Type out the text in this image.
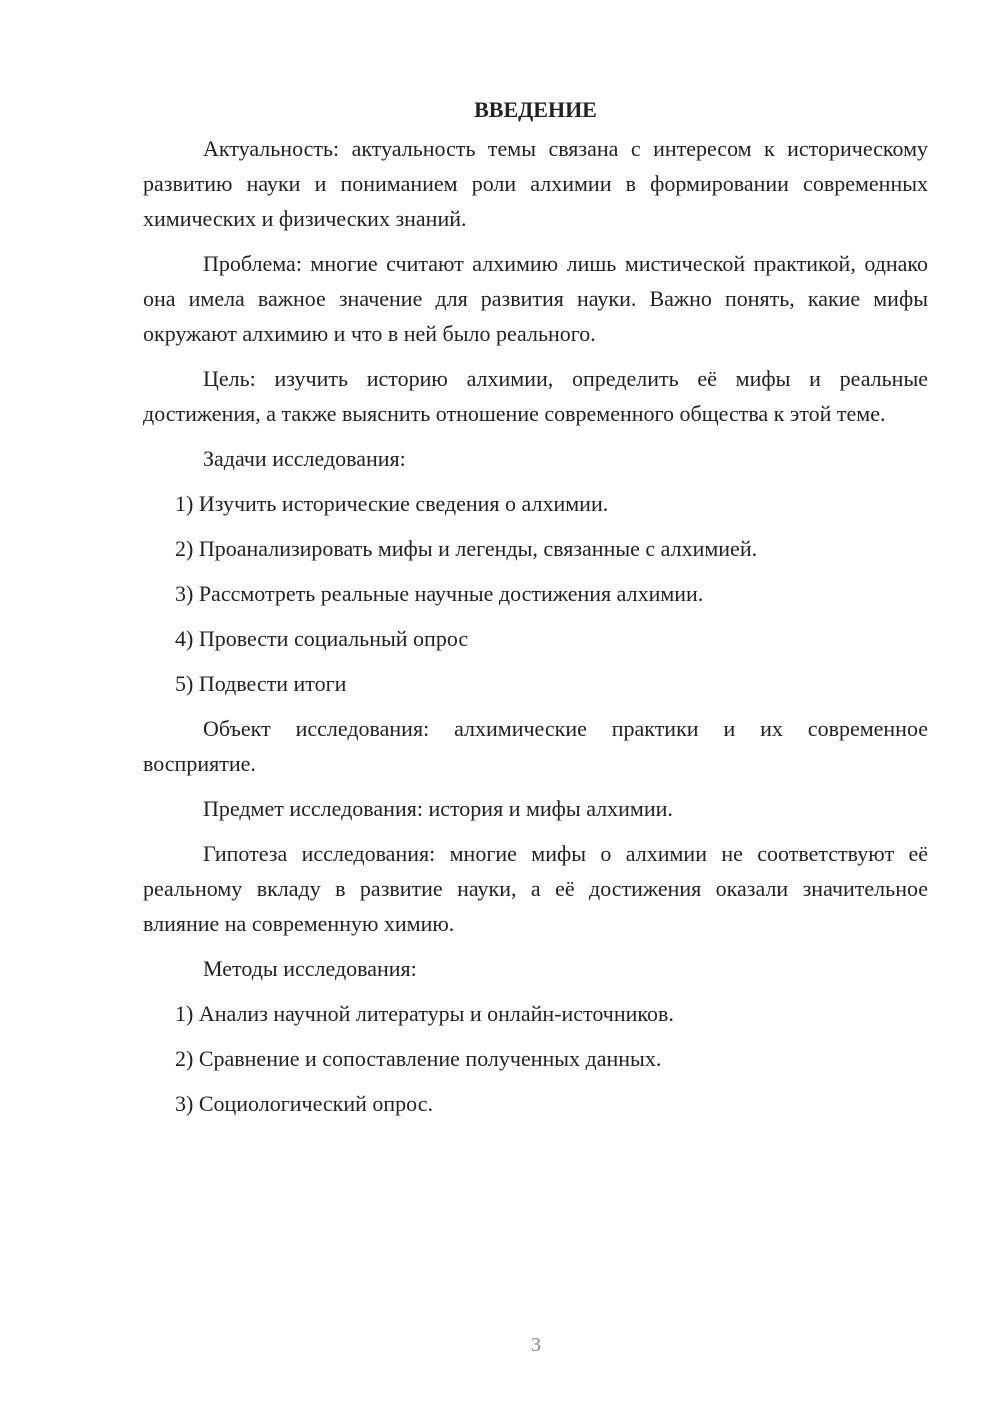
ВВЕДЕНИЕ

Актуальность: актуальность темы связана с интересом к историческому развитию науки и пониманием роли алхимии в формировании современных химических и физических знаний.

Проблема: многие считают алхимию лишь мистической практикой, однако она имела важное значение для развития науки. Важно понять, какие мифы окружают алхимию и что в ней было реального.

Цель: изучить историю алхимии, определить её мифы и реальные достижения, а также выяснить отношение современного общества к этой теме.

Задачи исследования:

1) Изучить исторические сведения о алхимии.

2) Проанализировать мифы и легенды, связанные с алхимией.

3) Рассмотреть реальные научные достижения алхимии.

4) Провести социальный опрос

5) Подвести итоги

Объект исследования: алхимические практики и их современное восприятие.

Предмет исследования: история и мифы алхимии.

Гипотеза исследования: многие мифы о алхимии не соответствуют её реальному вкладу в развитие науки, а её достижения оказали значительное влияние на современную химию.

Методы исследования:

1) Анализ научной литературы и онлайн-источников.

2) Сравнение и сопоставление полученных данных.

3) Социологический опрос.

3
